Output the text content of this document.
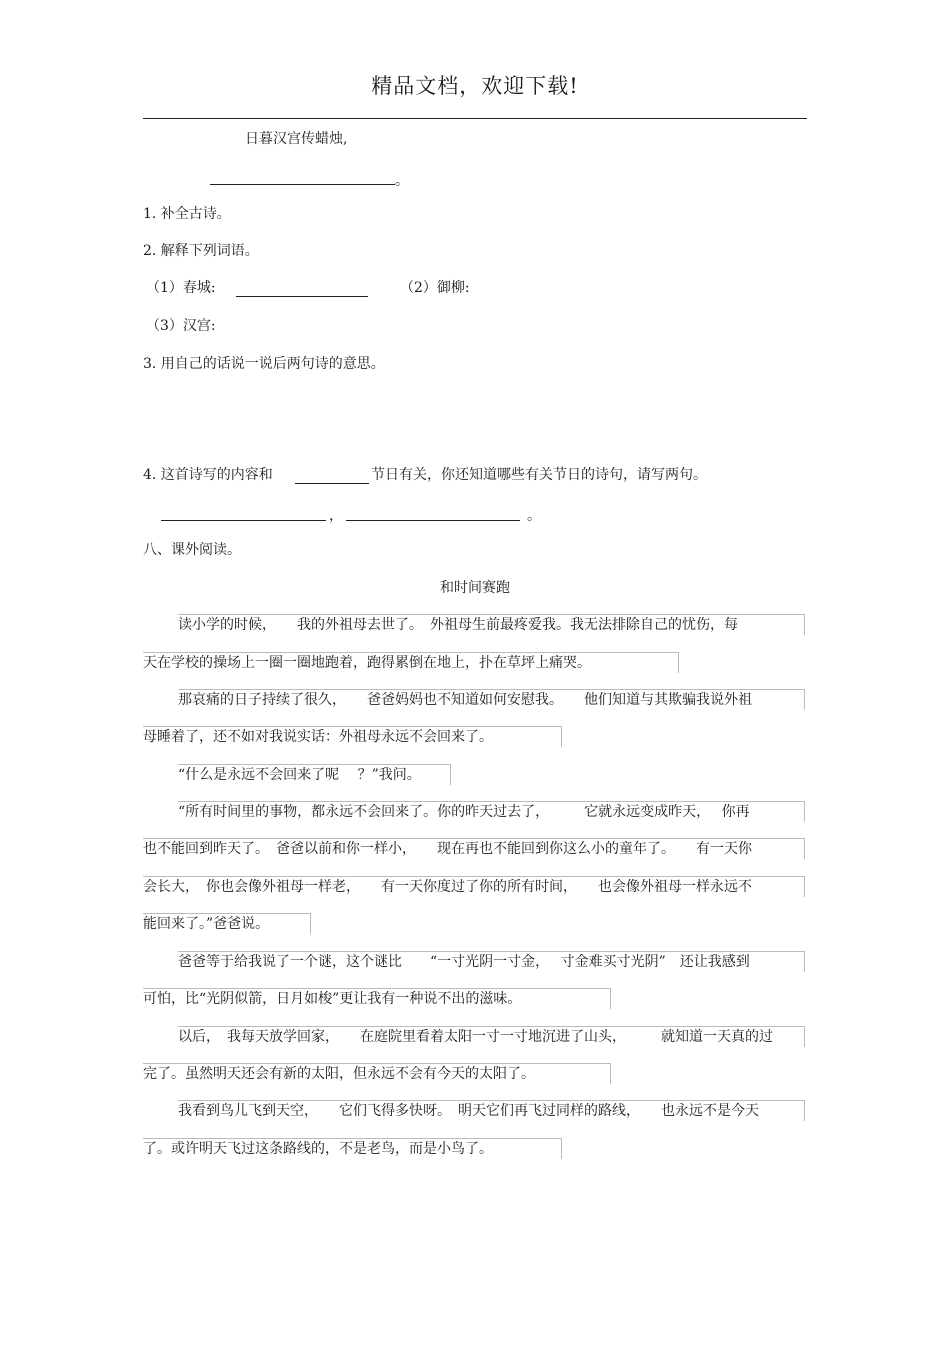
精品文档，欢迎下载!
日暮汉宫传蜡烛,
。
1. 补全古诗。
2. 解释下列词语。
（1）春城:	（2）御柳:
（3）汉宫:
3. 用自己的话说一说后两句诗的意思。
4. 这首诗写的内容和	节日有关，你还知道哪些有关节日的诗句，请写两句。
，	。
八、课外阅读。
和时间赛跑
读小学的时候，　　我的外祖母去世了。　外祖母生前最疼爱我。我无法排除自己的忧伤，每
天在学校的操场上一圈一圈地跑着，跑得累倒在地上，扑在草坪上痛哭。
那哀痛的日子持续了很久，　　爸爸妈妈也不知道如何安慰我。　　他们知道与其欺骗我说外祖
母睡着了，还不如对我说实话：外祖母永远不会回来了。
“什么是永远不会回来了呢　 ？”我问。
“所有时间里的事物，都永远不会回来了。你的昨天过去了，　　　它就永远变成昨天，　 你再
也不能回到昨天了。　爸爸以前和你一样小，　　现在再也不能回到你这么小的童年了。　　有一天你
会长大，　你也会像外祖母一样老，　　有一天你度过了你的所有时间，　　也会像外祖母一样永远不
能回来了。”爸爸说。
爸爸等于给我说了一个谜，这个谜比　　“一寸光阴一寸金，　 寸金难买寸光阴”　还让我感到
可怕，比“光阴似箭，日月如梭”更让我有一种说不出的滋味。
以后，　我每天放学回家，　　在庭院里看着太阳一寸一寸地沉进了山头，　　　就知道一天真的过
完了。虽然明天还会有新的太阳，但永远不会有今天的太阳了。
我看到鸟儿飞到天空，　　它们飞得多快呀。　明天它们再飞过同样的路线，　　也永远不是今天
了。或许明天飞过这条路线的，不是老鸟，而是小鸟了。
